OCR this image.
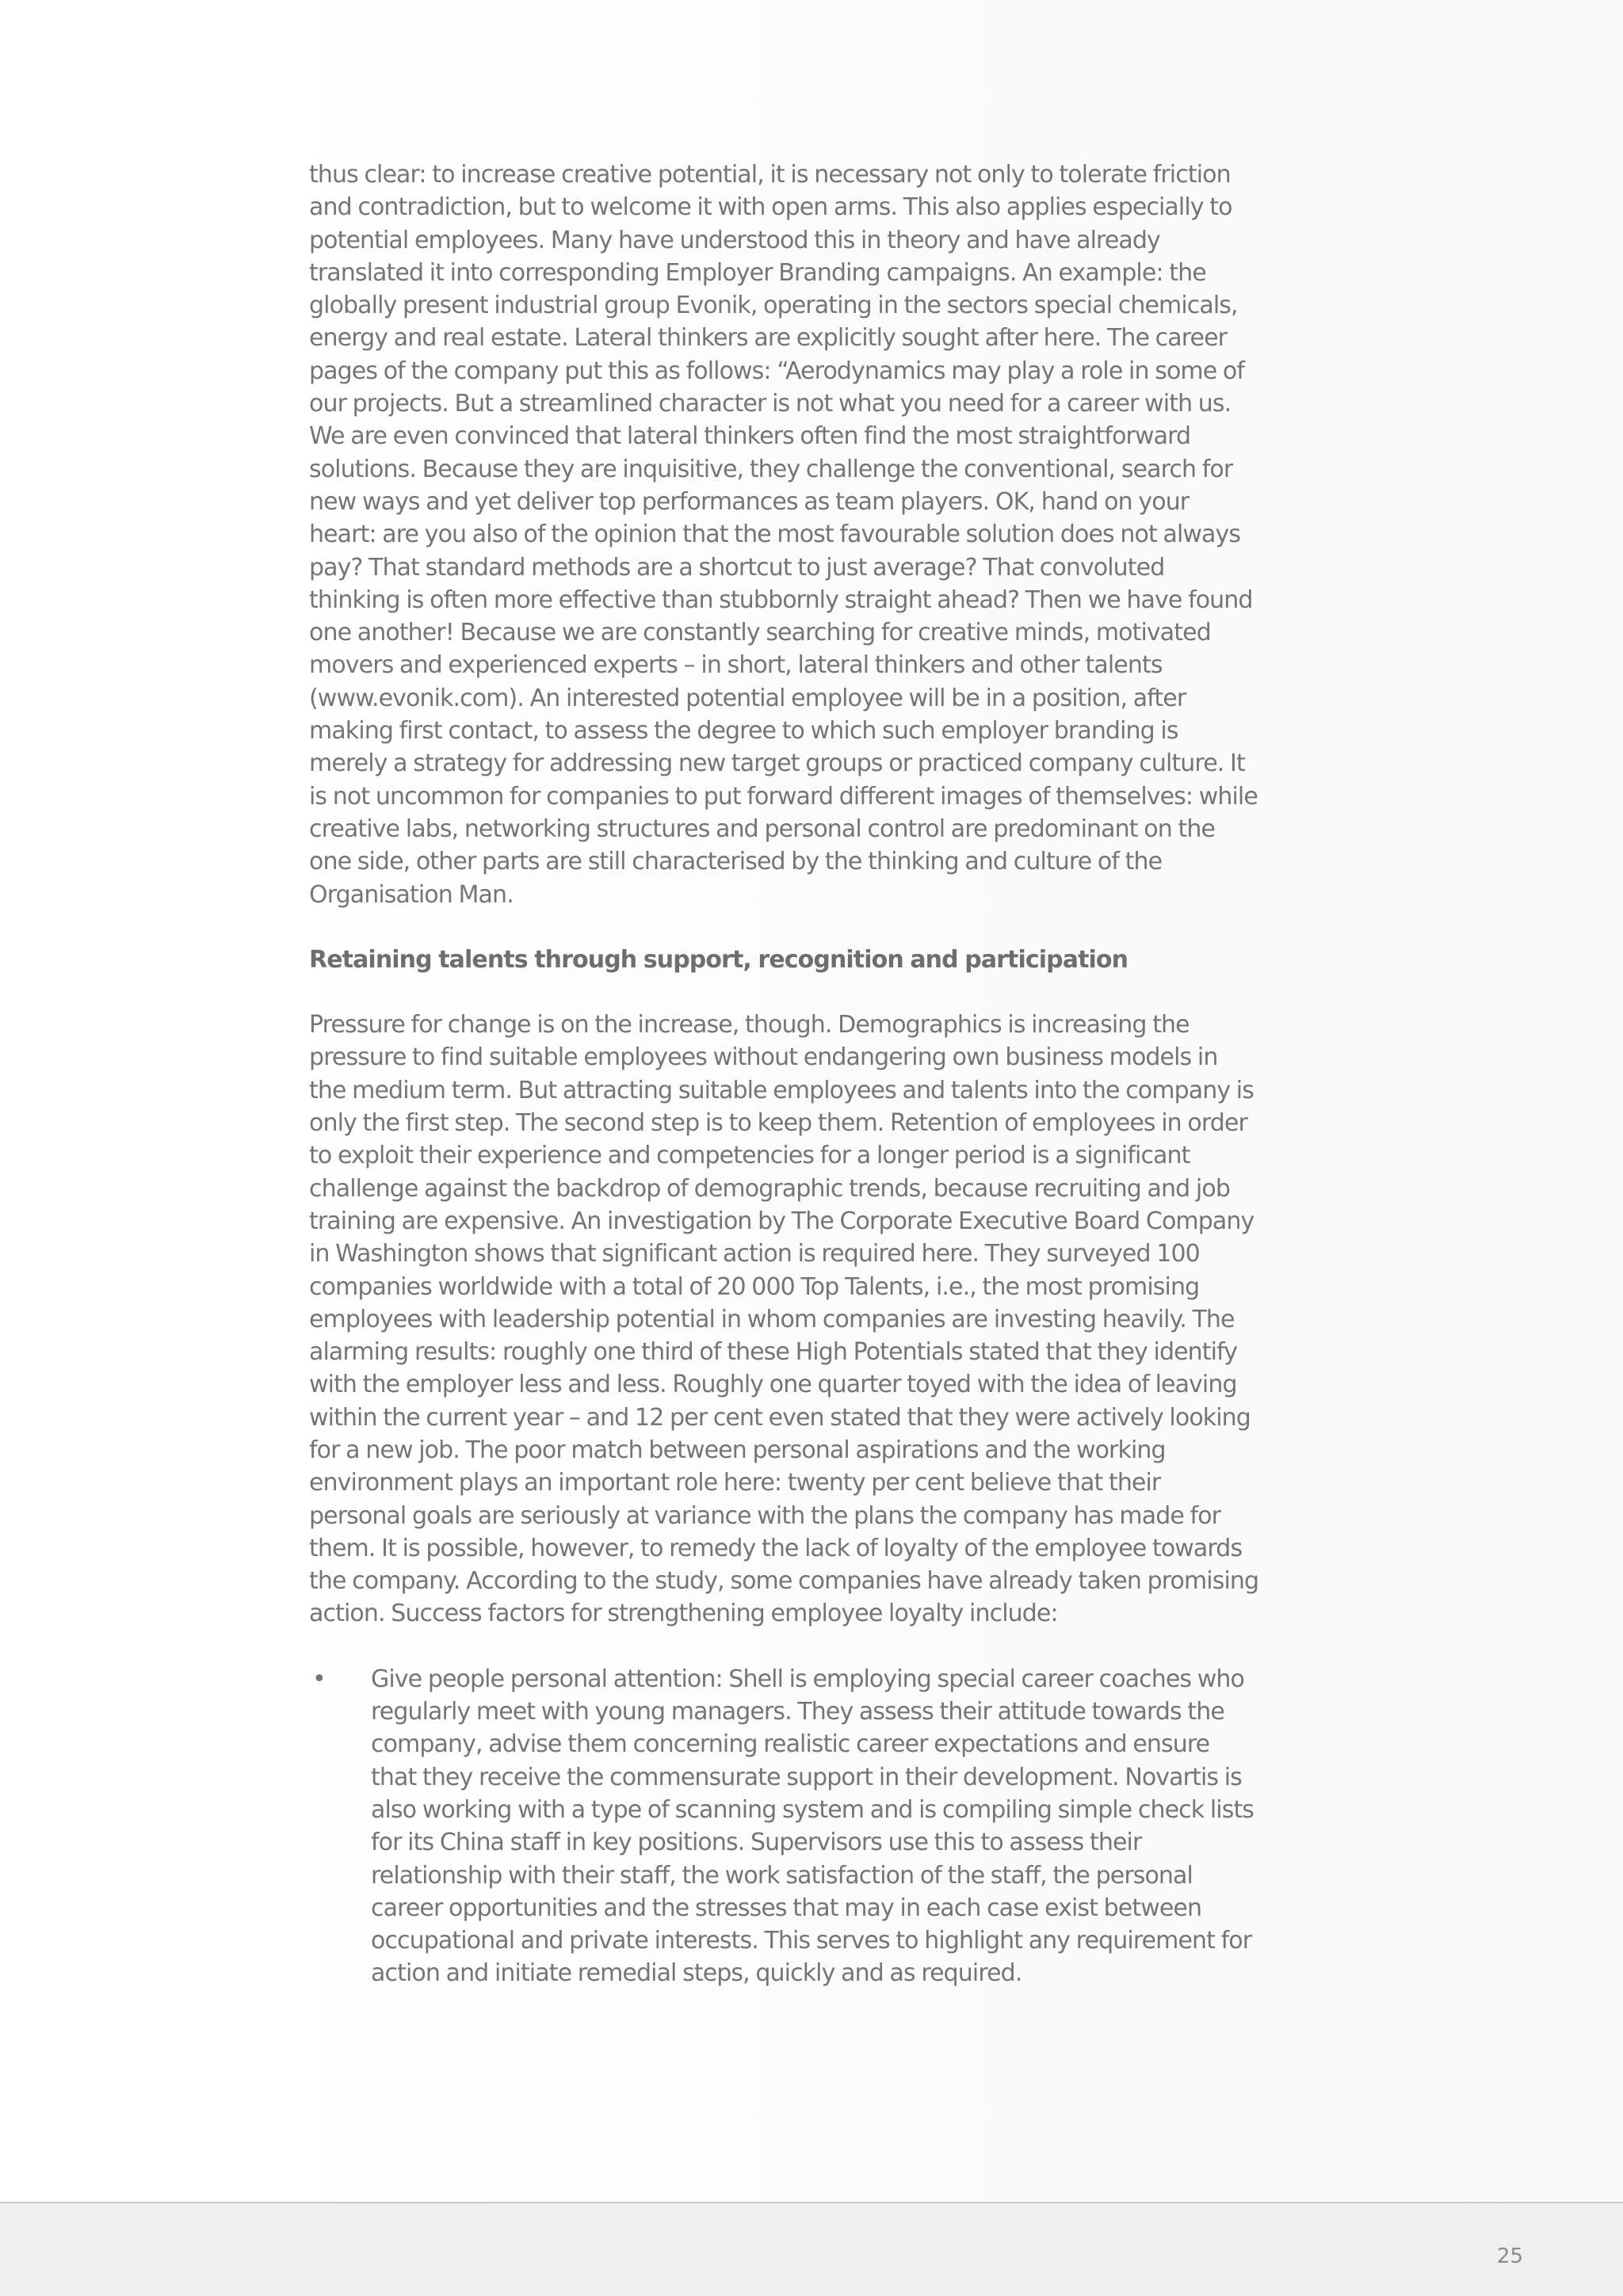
thus clear: to increase creative potential, it is necessary not only to tolerate friction and contradiction, but to welcome it with open arms. This also applies especially to potential employees. Many have understood this in theory and have already translated it into corresponding Employer Branding campaigns. An example: the globally present industrial group Evonik, operating in the sectors special chemicals, energy and real estate. Lateral thinkers are explicitly sought after here. The career pages of the company put this as follows: “Aerodynamics may play a role in some of our projects. But a streamlined character is not what you need for a career with us. We are even convinced that lateral thinkers often find the most straightforward solutions. Because they are inquisitive, they challenge the conventional, search for new ways and yet deliver top performances as team players. OK, hand on your heart: are you also of the opinion that the most favourable solution does not always pay? That standard methods are a shortcut to just average? That convoluted thinking is often more effective than stubbornly straight ahead? Then we have found one another! Because we are constantly searching for creative minds, motivated movers and experienced experts – in short, lateral thinkers and other talents (www.evonik.com). An interested potential employee will be in a position, after making first contact, to assess the degree to which such employer branding is merely a strategy for addressing new target groups or practiced company culture. It is not uncommon for companies to put forward different images of themselves: while creative labs, networking structures and personal control are predominant on the one side, other parts are still characterised by the thinking and culture of the Organisation Man.

Retaining talents through support, recognition and participation

Pressure for change is on the increase, though. Demographics is increasing the pressure to find suitable employees without endangering own business models in the medium term. But attracting suitable employees and talents into the company is only the first step. The second step is to keep them. Retention of employees in order to exploit their experience and competencies for a longer period is a significant challenge against the backdrop of demographic trends, because recruiting and job training are expensive. An investigation by The Corporate Executive Board Company in Washington shows that significant action is required here. They surveyed 100 companies worldwide with a total of 20 000 Top Talents, i.e., the most promising employees with leadership potential in whom companies are investing heavily. The alarming results: roughly one third of these High Potentials stated that they identify with the employer less and less. Roughly one quarter toyed with the idea of leaving within the current year – and 12 per cent even stated that they were actively looking for a new job. The poor match between personal aspirations and the working environment plays an important role here: twenty per cent believe that their personal goals are seriously at variance with the plans the company has made for them. It is possible, however, to remedy the lack of loyalty of the employee towards the company. According to the study, some companies have already taken promising action. Success factors for strengthening employee loyalty include:

• Give people personal attention: Shell is employing special career coaches who regularly meet with young managers. They assess their attitude towards the company, advise them concerning realistic career expectations and ensure that they receive the commensurate support in their development. Novartis is also working with a type of scanning system and is compiling simple check lists for its China staff in key positions. Supervisors use this to assess their relationship with their staff, the work satisfaction of the staff, the personal career opportunities and the stresses that may in each case exist between occupational and private interests. This serves to highlight any requirement for action and initiate remedial steps, quickly and as required.
25
